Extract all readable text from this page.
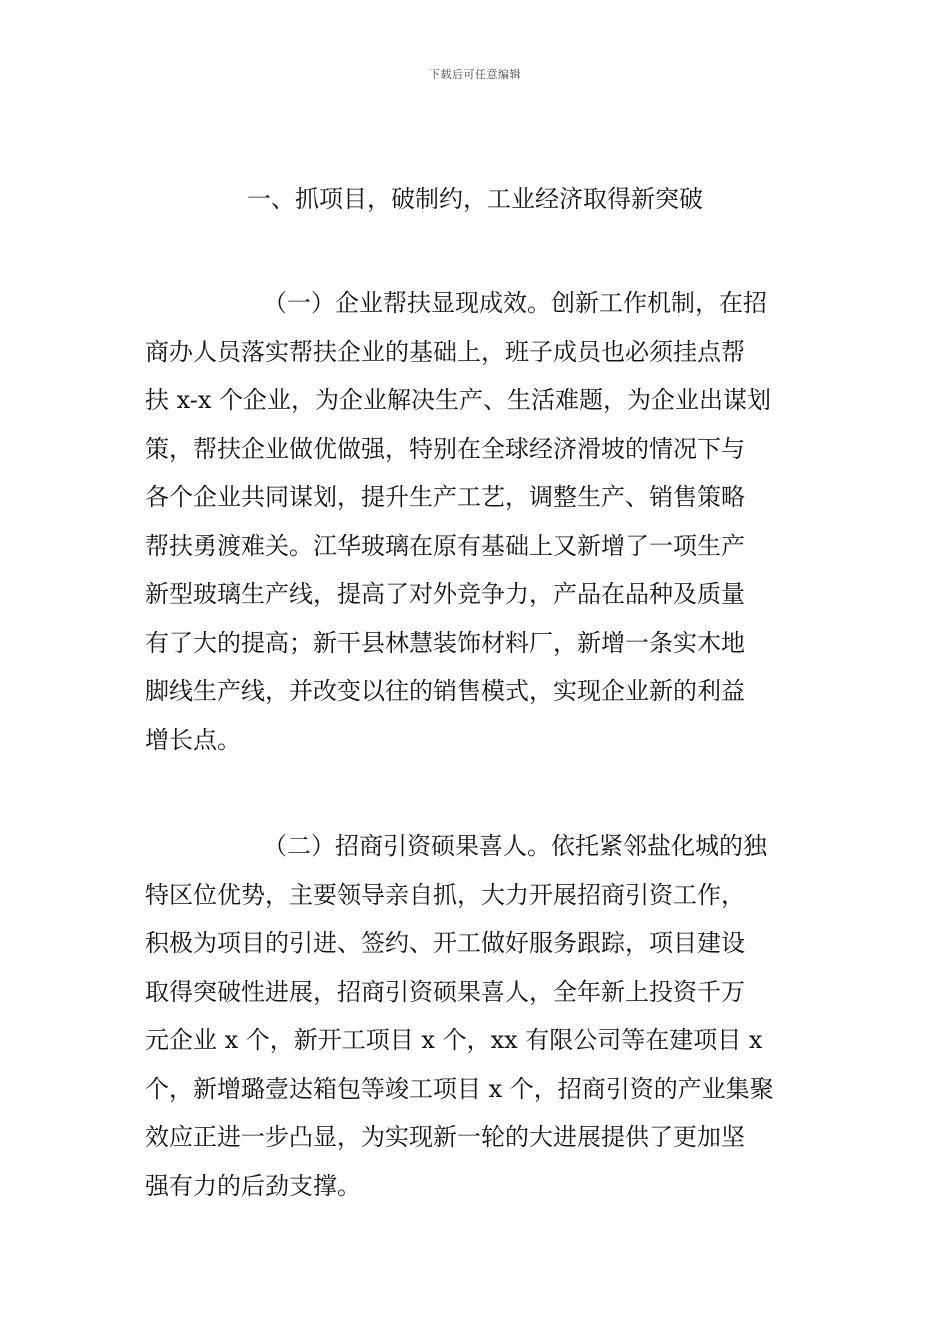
下载后可任意编辑
一、抓项目，破制约，工业经济取得新突破
（一）企业帮扶显现成效。创新工作机制，在招
商办人员落实帮扶企业的基础上，班子成员也必须挂点帮
扶 x-x 个企业，为企业解决生产、生活难题，为企业出谋划
策，帮扶企业做优做强，特别在全球经济滑坡的情况下与
各个企业共同谋划，提升生产工艺，调整生产、销售策略
帮扶勇渡难关。江华玻璃在原有基础上又新增了一项生产
新型玻璃生产线，提高了对外竞争力，产品在品种及质量
有了大的提高；新干县林慧装饰材料厂，新增一条实木地
脚线生产线，并改变以往的销售模式，实现企业新的利益
增长点。
（二）招商引资硕果喜人。依托紧邻盐化城的独
特区位优势，主要领导亲自抓，大力开展招商引资工作，
积极为项目的引进、签约、开工做好服务跟踪，项目建设
取得突破性进展，招商引资硕果喜人，全年新上投资千万
元企业 x 个，新开工项目 x 个，xx 有限公司等在建项目 x
个，新增璐壹达箱包等竣工项目 x 个，招商引资的产业集聚
效应正进一步凸显，为实现新一轮的大进展提供了更加坚
强有力的后劲支撑。
